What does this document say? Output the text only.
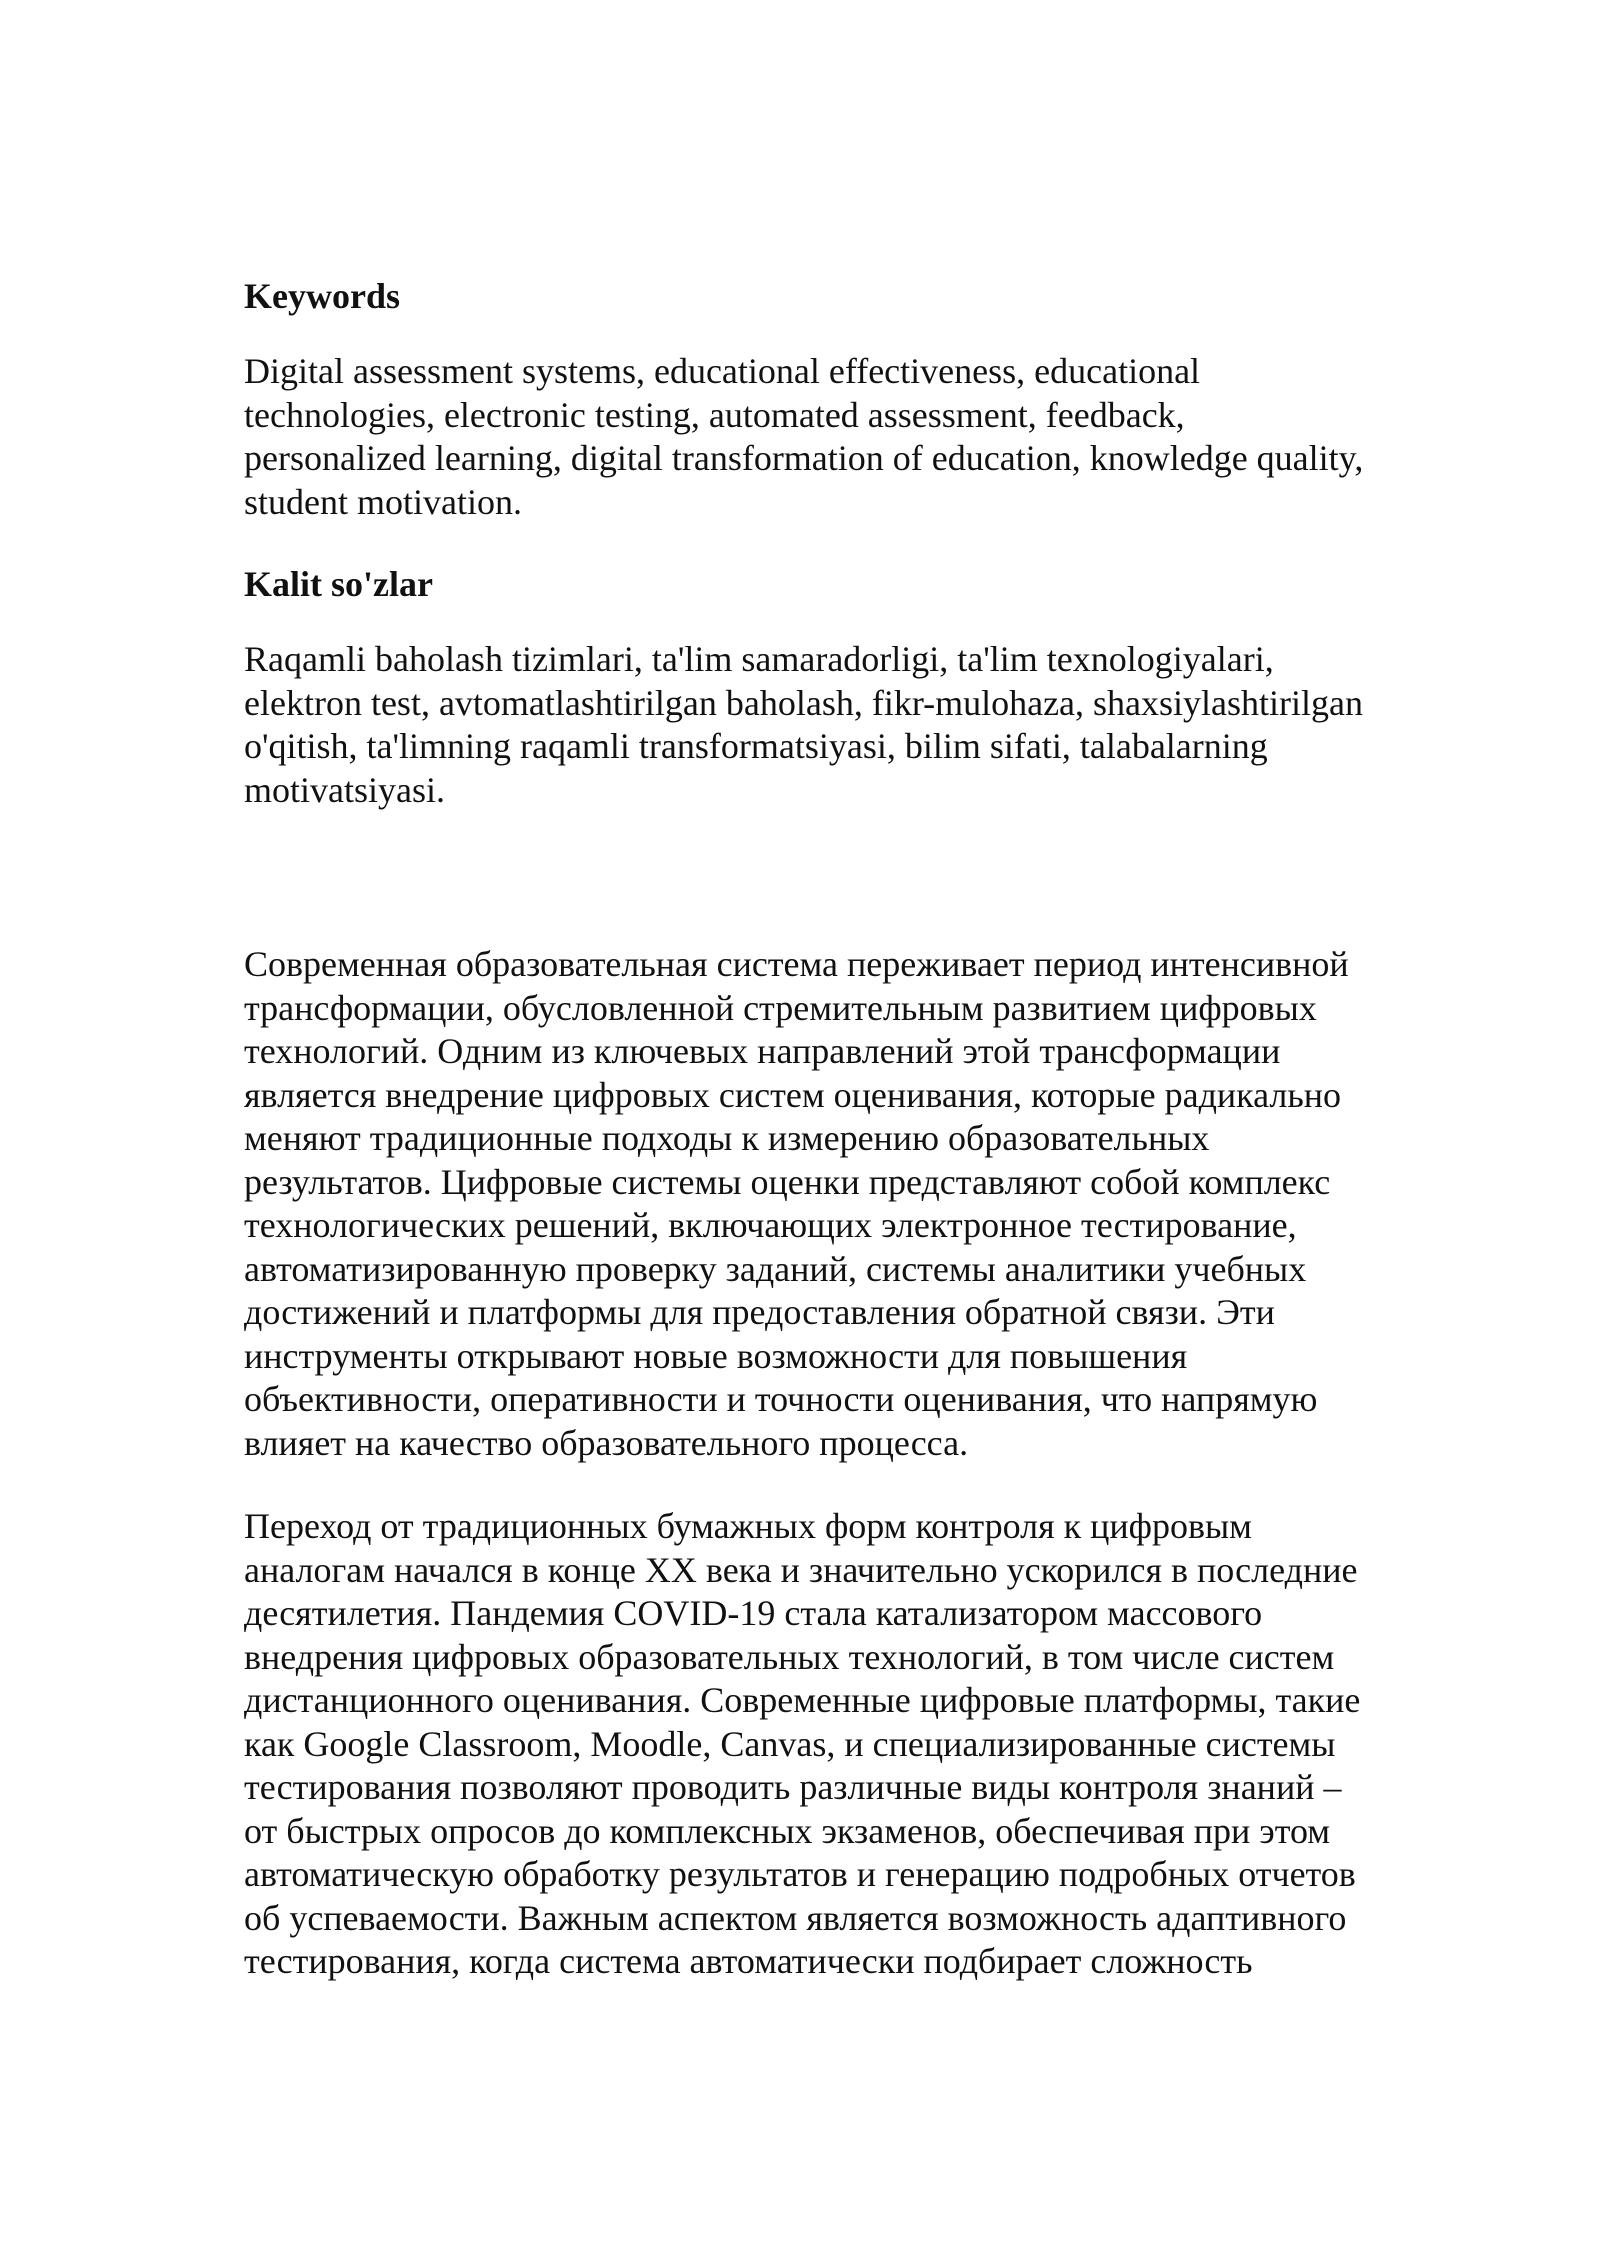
Keywords

Digital assessment systems, educational effectiveness, educational technologies, electronic testing, automated assessment, feedback, personalized learning, digital transformation of education, knowledge quality, student motivation.

Kalit so'zlar

Raqamli baholash tizimlari, ta'lim samaradorligi, ta'lim texnologiyalari, elektron test, avtomatlashtirilgan baholash, fikr-mulohaza, shaxsiylashtirilgan o'qitish, ta'limning raqamli transformatsiyasi, bilim sifati, talabalarning motivatsiyasi.

Современная образовательная система переживает период интенсивной трансформации, обусловленной стремительным развитием цифровых технологий. Одним из ключевых направлений этой трансформации является внедрение цифровых систем оценивания, которые радикально меняют традиционные подходы к измерению образовательных результатов. Цифровые системы оценки представляют собой комплекс технологических решений, включающих электронное тестирование, автоматизированную проверку заданий, системы аналитики учебных достижений и платформы для предоставления обратной связи. Эти инструменты открывают новые возможности для повышения объективности, оперативности и точности оценивания, что напрямую влияет на качество образовательного процесса.

Переход от традиционных бумажных форм контроля к цифровым аналогам начался в конце XX века и значительно ускорился в последние десятилетия. Пандемия COVID-19 стала катализатором массового внедрения цифровых образовательных технологий, в том числе систем дистанционного оценивания. Современные цифровые платформы, такие как Google Classroom, Moodle, Canvas, и специализированные системы тестирования позволяют проводить различные виды контроля знаний – от быстрых опросов до комплексных экзаменов, обеспечивая при этом автоматическую обработку результатов и генерацию подробных отчетов об успеваемости. Важным аспектом является возможность адаптивного тестирования, когда система автоматически подбирает сложность
